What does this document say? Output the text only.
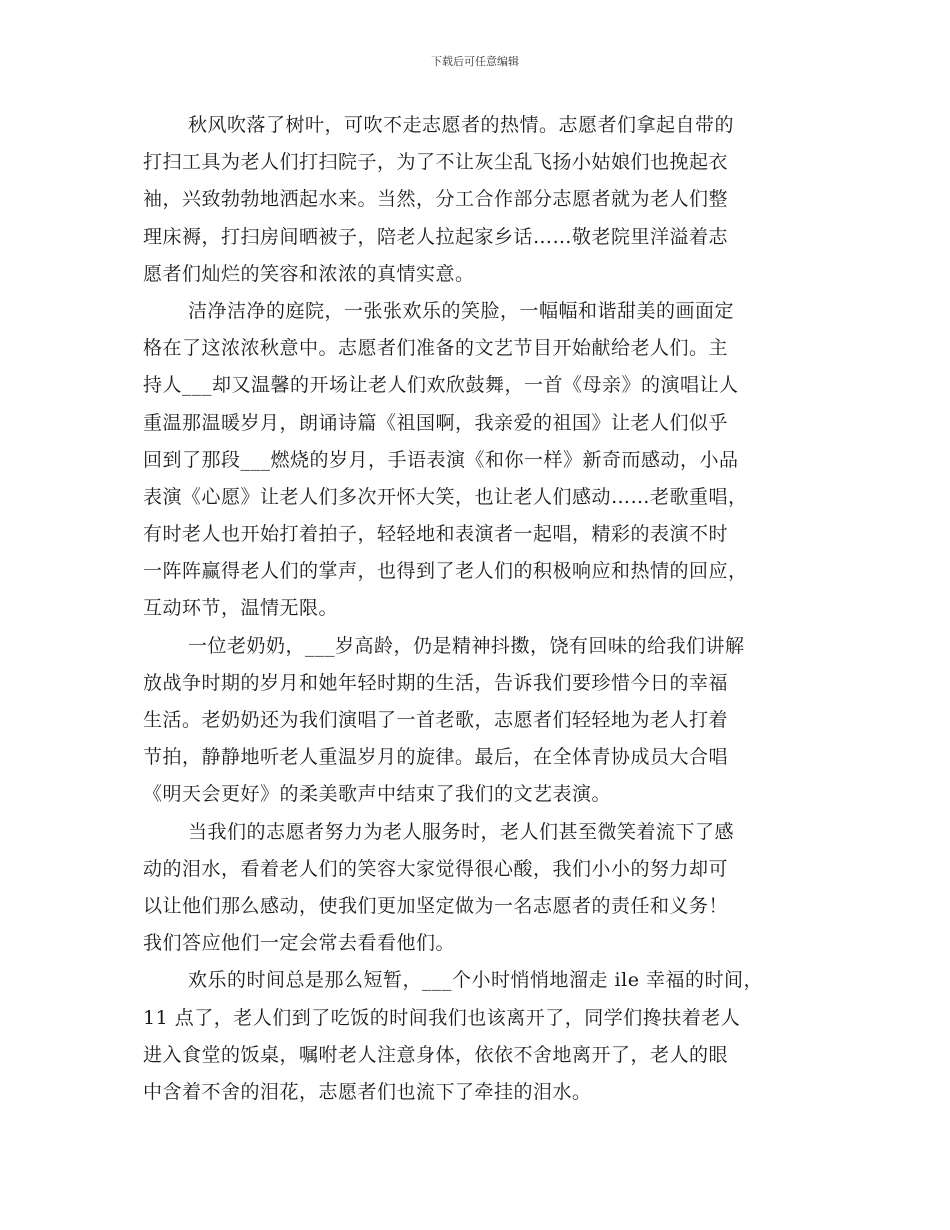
下载后可任意编辑
秋风吹落了树叶，可吹不走志愿者的热情。志愿者们拿起自带的
打扫工具为老人们打扫院子，为了不让灰尘乱飞扬小姑娘们也挽起衣
袖，兴致勃勃地洒起水来。当然，分工合作部分志愿者就为老人们整
理床褥，打扫房间晒被子，陪老人拉起家乡话……敬老院里洋溢着志
愿者们灿烂的笑容和浓浓的真情实意。
洁净洁净的庭院，一张张欢乐的笑脸，一幅幅和谐甜美的画面定
格在了这浓浓秋意中。志愿者们准备的文艺节目开始献给老人们。主
持人___却又温馨的开场让老人们欢欣鼓舞，一首《母亲》的演唱让人
重温那温暖岁月，朗诵诗篇《祖国啊，我亲爱的祖国》让老人们似乎
回到了那段___燃烧的岁月，手语表演《和你一样》新奇而感动，小品
表演《心愿》让老人们多次开怀大笑，也让老人们感动……老歌重唱，
有时老人也开始打着拍子，轻轻地和表演者一起唱，精彩的表演不时
一阵阵赢得老人们的掌声，也得到了老人们的积极响应和热情的回应，
互动环节，温情无限。
一位老奶奶，___岁高龄，仍是精神抖擞，饶有回味的给我们讲解
放战争时期的岁月和她年轻时期的生活，告诉我们要珍惜今日的幸福
生活。老奶奶还为我们演唱了一首老歌，志愿者们轻轻地为老人打着
节拍，静静地听老人重温岁月的旋律。最后，在全体青协成员大合唱
《明天会更好》的柔美歌声中结束了我们的文艺表演。
当我们的志愿者努力为老人服务时，老人们甚至微笑着流下了感
动的泪水，看着老人们的笑容大家觉得很心酸，我们小小的努力却可
以让他们那么感动，使我们更加坚定做为一名志愿者的责任和义务！
我们答应他们一定会常去看看他们。
欢乐的时间总是那么短暂，___个小时悄悄地溜走 ile 幸福的时间，
11 点了，老人们到了吃饭的时间我们也该离开了，同学们搀扶着老人
进入食堂的饭桌，嘱咐老人注意身体，依依不舍地离开了，老人的眼
中含着不舍的泪花，志愿者们也流下了牵挂的泪水。
